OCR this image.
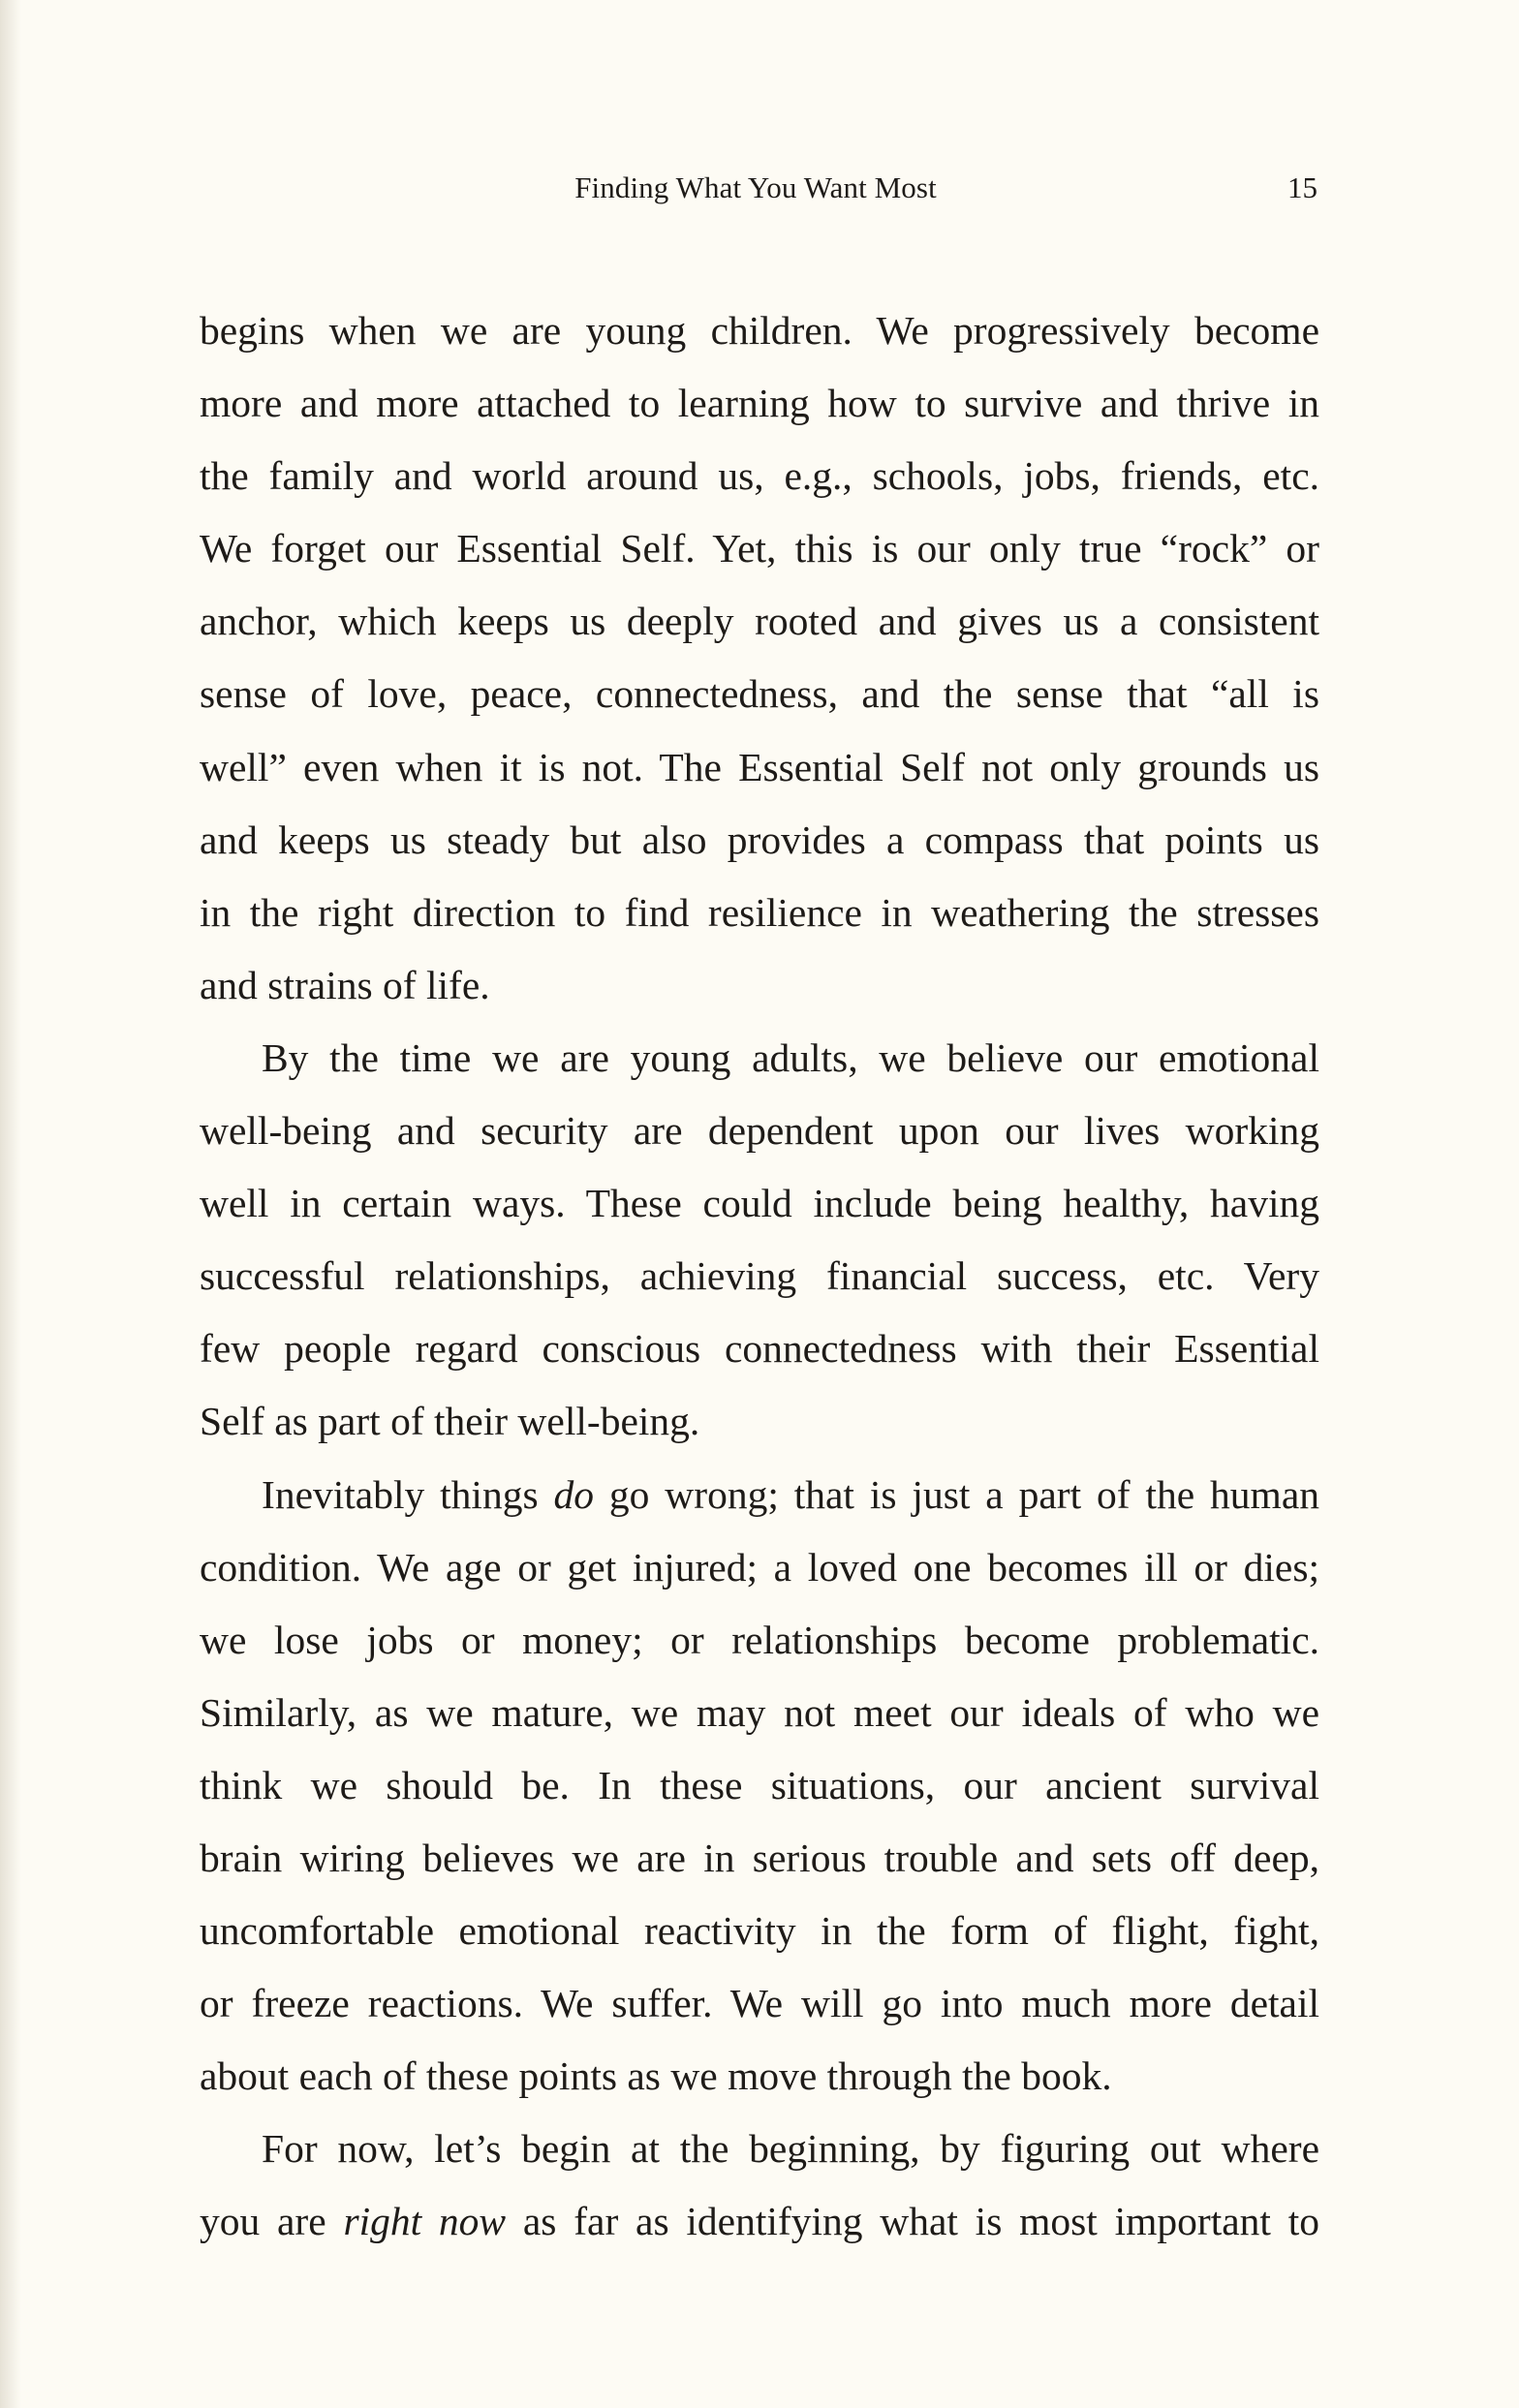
Finding What You Want Most	15
begins when we are young children. We progressively become
more and more attached to learning how to survive and thrive in
the family and world around us, e.g., schools, jobs, friends, etc.
We forget our Essential Self. Yet, this is our only true “rock” or
anchor, which keeps us deeply rooted and gives us a consistent
sense of love, peace, connectedness, and the sense that “all is
well” even when it is not. The Essential Self not only grounds us
and keeps us steady but also provides a compass that points us
in the right direction to find resilience in weathering the stresses
and strains of life.
By the time we are young adults, we believe our emotional
well-being and security are dependent upon our lives working
well in certain ways. These could include being healthy, having
successful relationships, achieving financial success, etc. Very
few people regard conscious connectedness with their Essential
Self as part of their well-being.
Inevitably things do go wrong; that is just a part of the human
condition. We age or get injured; a loved one becomes ill or dies;
we lose jobs or money; or relationships become problematic.
Similarly, as we mature, we may not meet our ideals of who we
think we should be. In these situations, our ancient survival
brain wiring believes we are in serious trouble and sets off deep,
uncomfortable emotional reactivity in the form of flight, fight,
or freeze reactions. We suffer. We will go into much more detail
about each of these points as we move through the book.
For now, let’s begin at the beginning, by figuring out where
you are right now as far as identifying what is most important to
